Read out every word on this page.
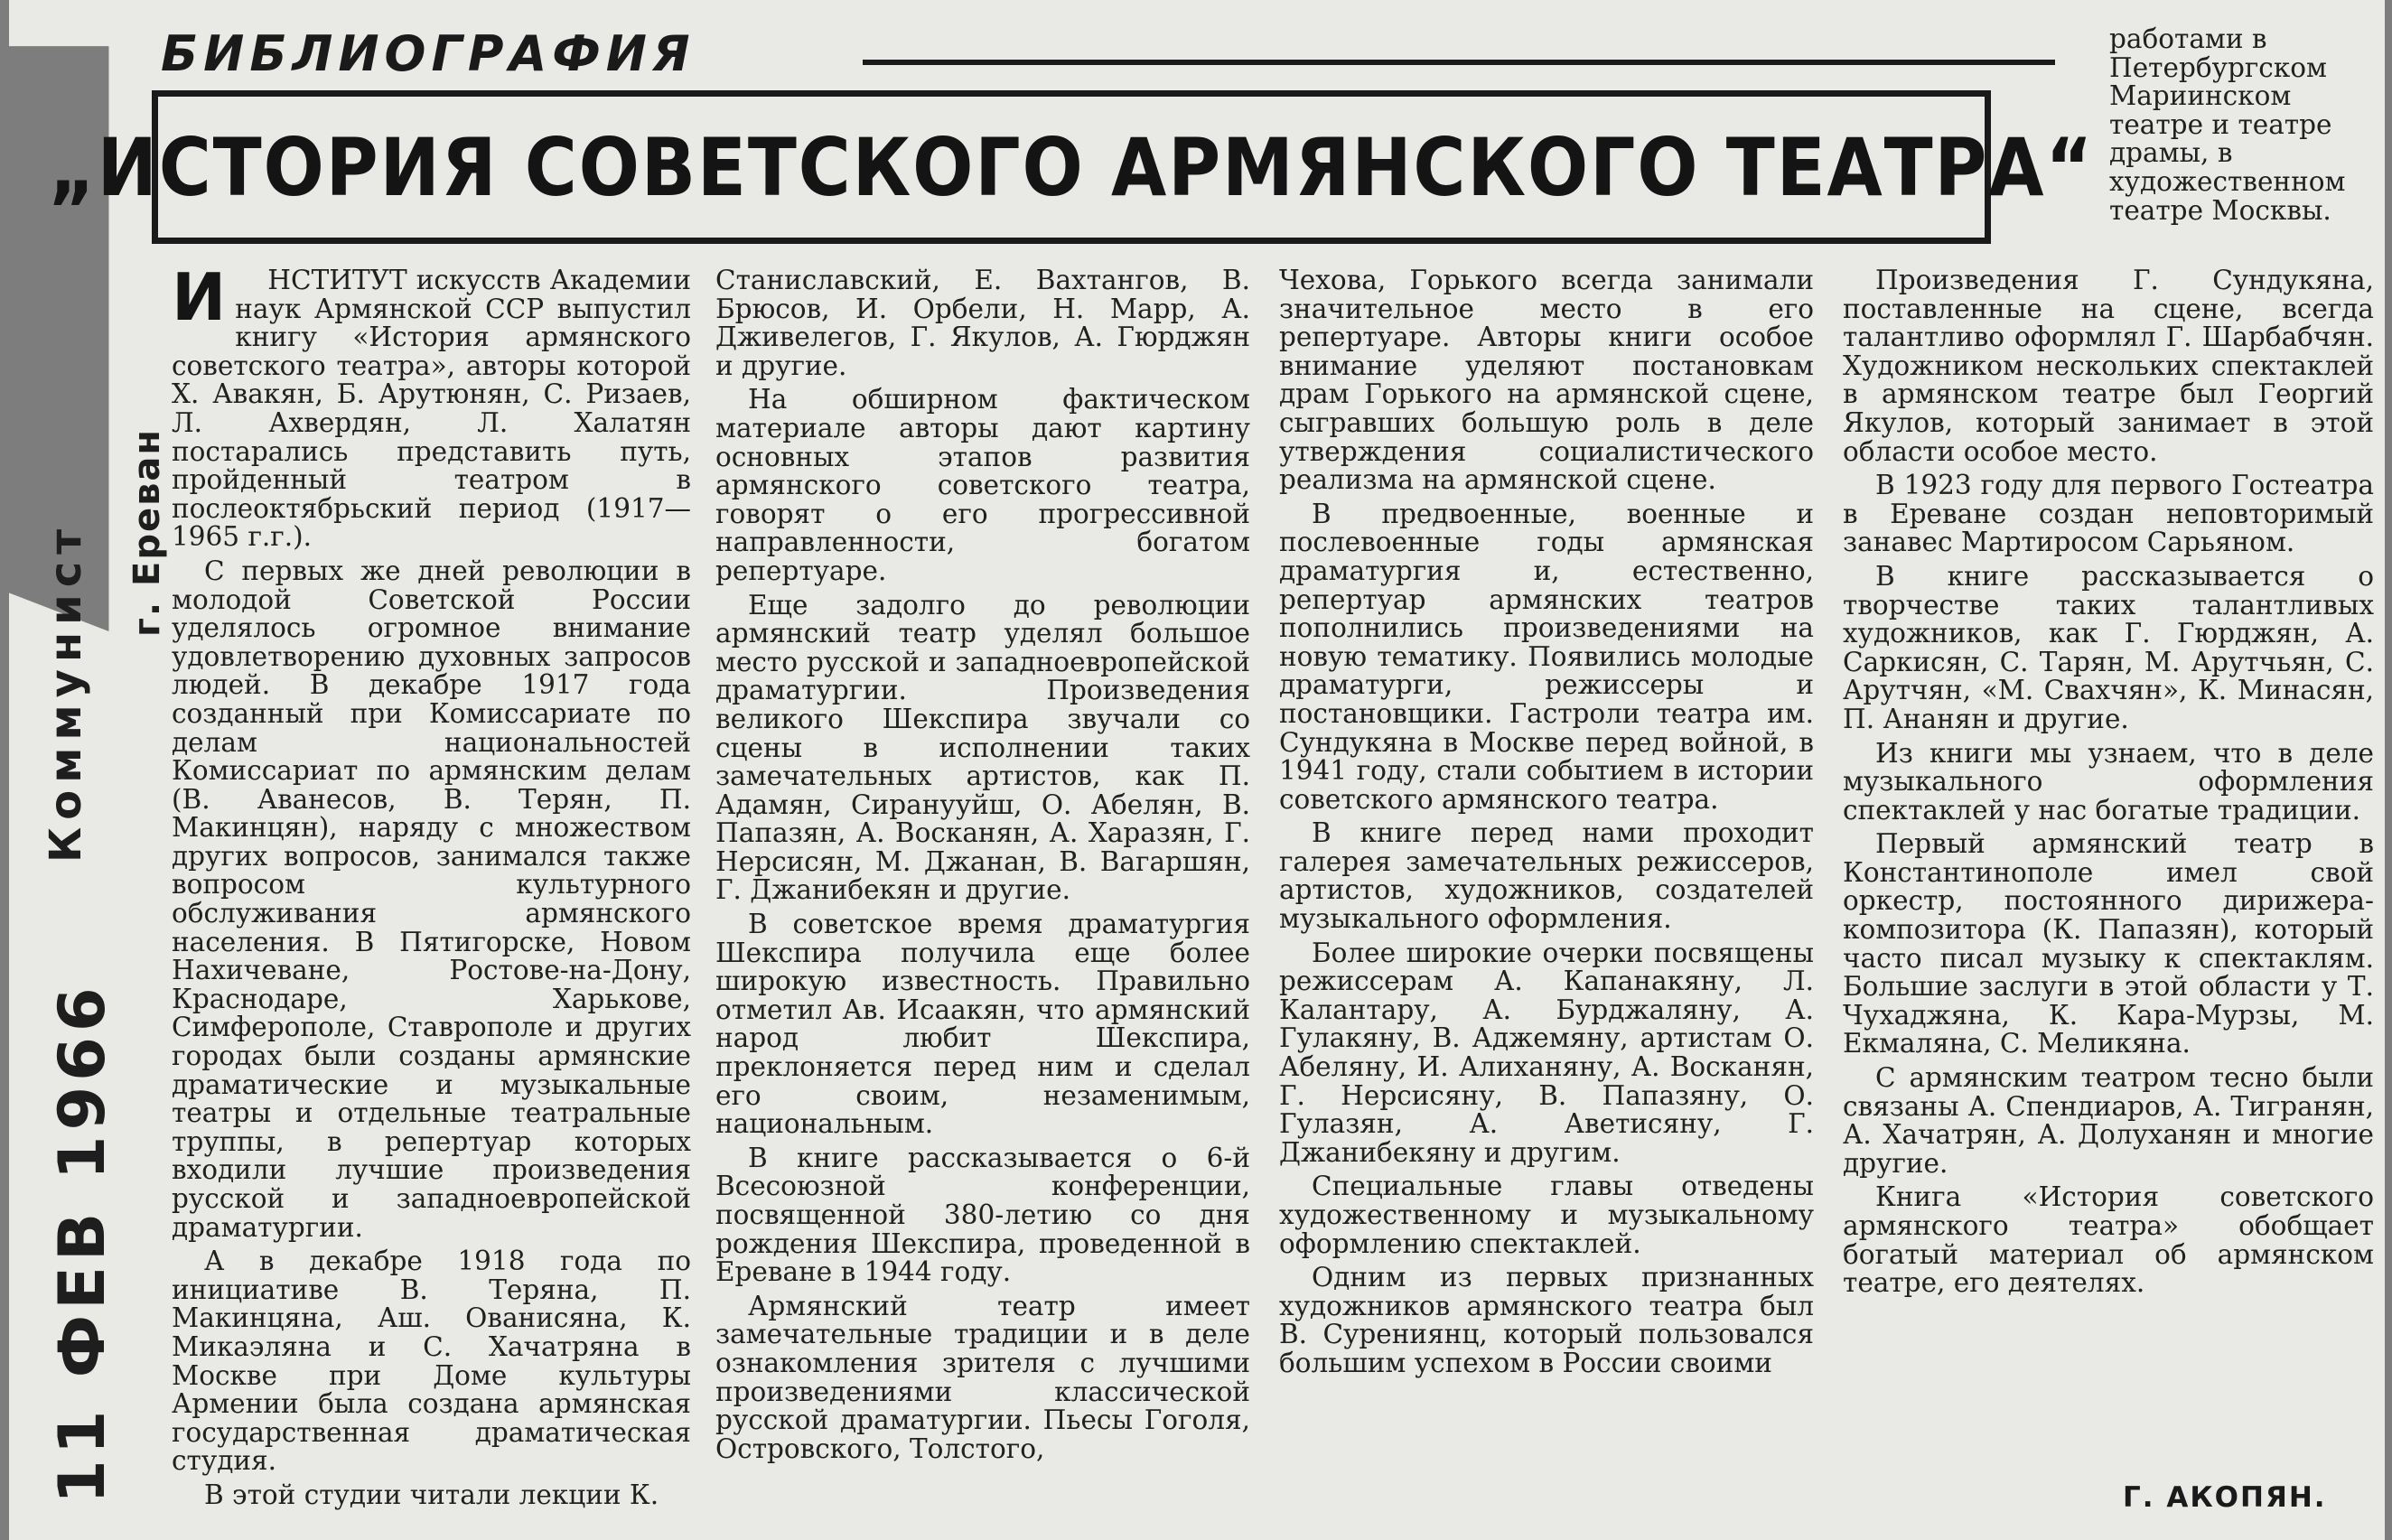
Коммунист г. Ереван
11 ФЕВ 1966
БИБЛИОГРАФИЯ
„ИСТОРИЯ СОВЕТСКОГО АРМЯНСКОГО ТЕАТРА“

И НСТИТУТ искусств Академии наук Армянской ССР выпустил книгу «История армянского советского театра», авторы которой Х. Авакян, Б. Арутюнян, С. Ризаев, Л. Ахвердян, Л. Халатян постарались представить путь, пройденный театром в послеоктябрьский период (1917—1965 г.г.).

С первых же дней революции в молодой Советской России уделялось огромное внимание удовлетворению духовных запросов людей. В декабре 1917 года созданный при Комиссариате по делам национальностей Комиссариат по армянским делам (В. Аванесов, В. Терян, П. Макинцян), наряду с множеством других вопросов, занимался также вопросом культурного обслуживания армянского населения. В Пятигорске, Новом Нахичеване, Ростове-на-Дону, Краснодаре, Харькове, Симферополе, Ставрополе и других городах были созданы армянские драматические и музыкальные театры и отдельные театральные труппы, в репертуар которых входили лучшие произведения русской и западноевропейской драматургии.

А в декабре 1918 года по инициативе В. Теряна, П. Макинцяна, Аш. Ованисяна, К. Микаэляна и С. Хачатряна в Москве при Доме культуры Армении была создана армянская государственная драматическая студия.

В этой студии читали лекции К.

Станиславский, Е. Вахтангов, В. Брюсов, И. Орбели, Н. Марр, А. Дживелегов, Г. Якулов, А. Гюрджян и другие.

На обширном фактическом материале авторы дают картину основных этапов развития армянского советского театра, говорят о его прогрессивной направленности, богатом репертуаре.

Еще задолго до революции армянский театр уделял большое место русской и западноевропейской драматургии. Произведения великого Шекспира звучали со сцены в исполнении таких замечательных артистов, как П. Адамян, Сиранууйш, О. Абелян, В. Папазян, А. Восканян, А. Харазян, Г. Нерсисян, М. Джанан, В. Вагаршян, Г. Джанибекян и другие.

В советское время драматургия Шекспира получила еще более широкую известность. Правильно отметил Ав. Исаакян, что армянский народ любит Шекспира, преклоняется перед ним и сделал его своим, незаменимым, национальным.

В книге рассказывается о 6-й Всесоюзной конференции, посвященной 380-летию со дня рождения Шекспира, проведенной в Ереване в 1944 году.

Армянский театр имеет замечательные традиции и в деле ознакомления зрителя с лучшими произведениями классической русской драматургии. Пьесы Гоголя, Островского, Толстого,

Чехова, Горького всегда занимали значительное место в его репертуаре. Авторы книги особое внимание уделяют постановкам драм Горького на армянской сцене, сыгравших большую роль в деле утверждения социалистического реализма на армянской сцене.

В предвоенные, военные и послевоенные годы армянская драматургия и, естественно, репертуар армянских театров пополнились произведениями на новую тематику. Появились молодые драматурги, режиссеры и постановщики. Гастроли театра им. Сундукяна в Москве перед войной, в 1941 году, стали событием в истории советского армянского театра.

В книге перед нами проходит галерея замечательных режиссеров, артистов, художников, создателей музыкального оформления.

Более широкие очерки посвящены режиссерам А. Капанакяну, Л. Калантару, А. Бурджаляну, А. Гулакяну, В. Аджемяну, артистам О. Абеляну, И. Алиханяну, А. Восканян, Г. Нерсисяну, В. Папазяну, О. Гулазян, А. Аветисяну, Г. Джанибекяну и другим.

Специальные главы отведены художественному и музыкальному оформлению спектаклей.

Одним из первых признанных художников армянского театра был В. Сурениянц, который пользовался большим успехом в России своими

работами в Петербургском Мариинском театре и театре драмы, в художественном театре Москвы.

Произведения Г. Сундукяна, поставленные на сцене, всегда талантливо оформлял Г. Шарбабчян. Художником нескольких спектаклей в армянском театре был Георгий Якулов, который занимает в этой области особое место.

В 1923 году для первого Гостеатра в Ереване создан неповторимый занавес Мартиросом Сарьяном.

В книге рассказывается о творчестве таких талантливых художников, как Г. Гюрджян, А. Саркисян, С. Тарян, М. Арутчьян, С. Арутчян, «М. Свахчян», К. Минасян, П. Ананян и другие.

Из книги мы узнаем, что в деле музыкального оформления спектаклей у нас богатые традиции.

Первый армянский театр в Константинополе имел свой оркестр, постоянного дирижера-композитора (К. Папазян), который часто писал музыку к спектаклям. Большие заслуги в этой области у Т. Чухаджяна, К. Кара-Мурзы, М. Екмаляна, С. Меликяна.

С армянским театром тесно были связаны А. Спендиаров, А. Тигранян, А. Хачатрян, А. Долуханян и многие другие.

Книга «История советского армянского театра» обобщает богатый материал об армянском театре, его деятелях.

Г. АКОПЯН.
